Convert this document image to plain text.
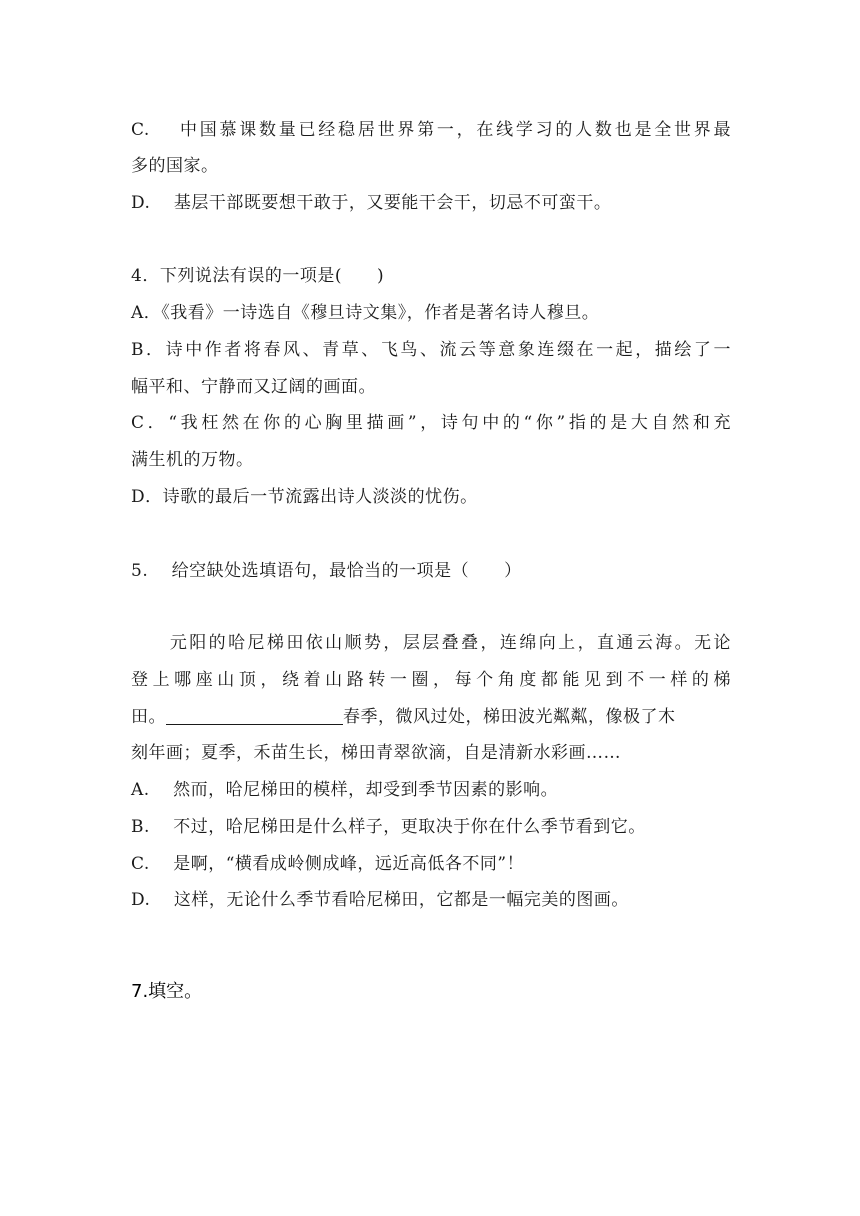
C.　 中国慕课数量已经稳居世界第一，在线学习的人数也是全世界最
多的国家。
D.　 基层干部既要想干敢于，又要能干会干，切忌不可蛮干。
4．下列说法有误的一项是(　　)
A．《我看》一诗选自《穆旦诗文集》，作者是著名诗人穆旦。
B．诗中作者将春风、青草、飞鸟、流云等意象连缀在一起，描绘了一
幅平和、宁静而又辽阔的画面。
C．“我枉然在你的心胸里描画”，诗句中的“你”指的是大自然和充
满生机的万物。
D．诗歌的最后一节流露出诗人淡淡的忧伤。
5.　 给空缺处选填语句，最恰当的一项是（　　）
　　元阳的哈尼梯田依山顺势，层层叠叠，连绵向上，直通云海。无论
登上哪座山顶，绕着山路转一圈，每个角度都能见到不一样的梯
田。	春季，微风过处，梯田波光粼粼，像极了木
刻年画；夏季，禾苗生长，梯田青翠欲滴，自是清新水彩画……
A.　 然而，哈尼梯田的模样，却受到季节因素的影响。
B.　 不过，哈尼梯田是什么样子，更取决于你在什么季节看到它。
C.　 是啊，“横看成岭侧成峰，远近高低各不同”！
D.　 这样，无论什么季节看哈尼梯田，它都是一幅完美的图画。
7.填空。
